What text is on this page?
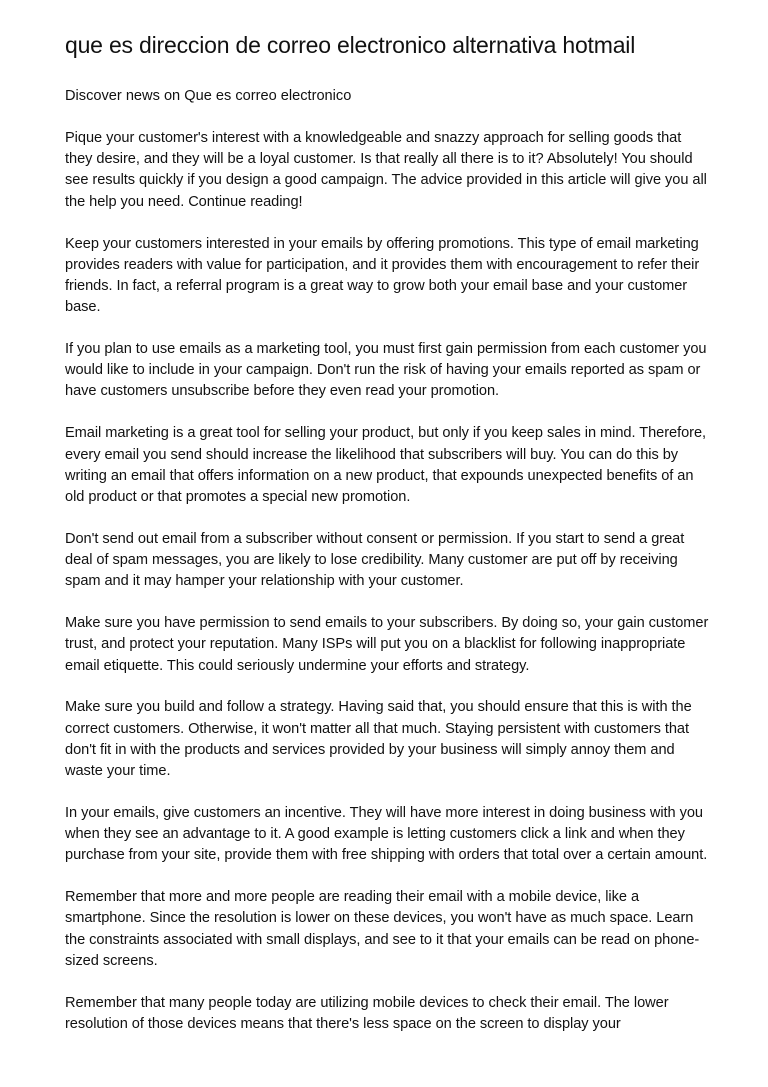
que es direccion de correo electronico alternativa hotmail

Discover news on Que es correo electronico

Pique your customer's interest with a knowledgeable and snazzy approach for selling goods that they desire, and they will be a loyal customer. Is that really all there is to it? Absolutely! You should see results quickly if you design a good campaign. The advice provided in this article will give you all the help you need. Continue reading!

Keep your customers interested in your emails by offering promotions. This type of email marketing provides readers with value for participation, and it provides them with encouragement to refer their friends. In fact, a referral program is a great way to grow both your email base and your customer base.

If you plan to use emails as a marketing tool, you must first gain permission from each customer you would like to include in your campaign. Don't run the risk of having your emails reported as spam or have customers unsubscribe before they even read your promotion.

Email marketing is a great tool for selling your product, but only if you keep sales in mind. Therefore, every email you send should increase the likelihood that subscribers will buy. You can do this by writing an email that offers information on a new product, that expounds unexpected benefits of an old product or that promotes a special new promotion.

Don't send out email from a subscriber without consent or permission. If you start to send a great deal of spam messages, you are likely to lose credibility. Many customer are put off by receiving spam and it may hamper your relationship with your customer.

Make sure you have permission to send emails to your subscribers. By doing so, your gain customer trust, and protect your reputation. Many ISPs will put you on a blacklist for following inappropriate email etiquette. This could seriously undermine your efforts and strategy.

Make sure you build and follow a strategy. Having said that, you should ensure that this is with the correct customers. Otherwise, it won't matter all that much. Staying persistent with customers that don't fit in with the products and services provided by your business will simply annoy them and waste your time.

In your emails, give customers an incentive. They will have more interest in doing business with you when they see an advantage to it. A good example is letting customers click a link and when they purchase from your site, provide them with free shipping with orders that total over a certain amount.

Remember that more and more people are reading their email with a mobile device, like a smartphone. Since the resolution is lower on these devices, you won't have as much space. Learn the constraints associated with small displays, and see to it that your emails can be read on phone-sized screens.

Remember that many people today are utilizing mobile devices to check their email. The lower resolution of those devices means that there's less space on the screen to display your
